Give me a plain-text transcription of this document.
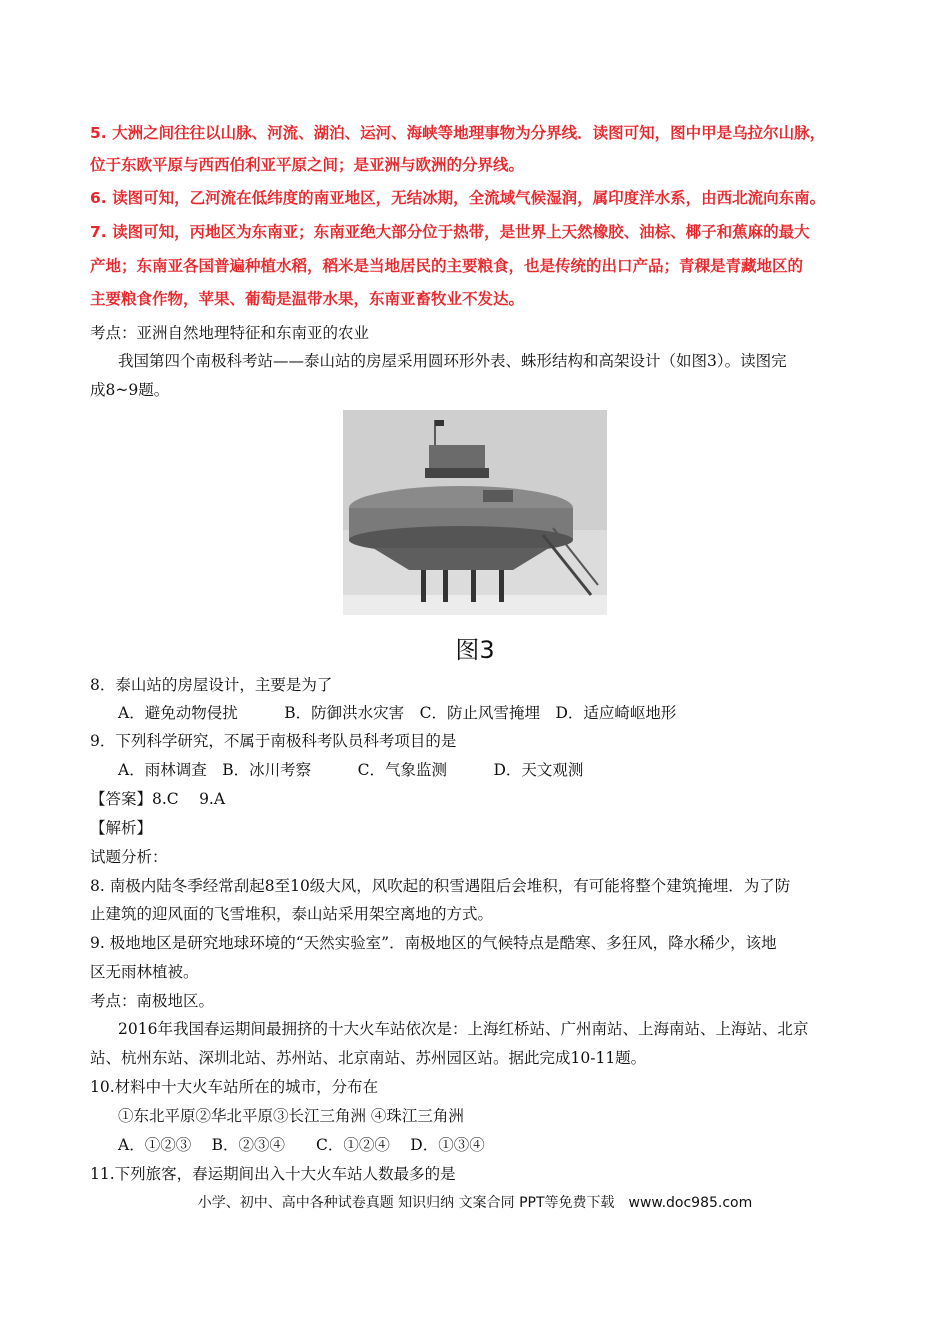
5. 大洲之间往往以山脉、河流、湖泊、运河、海峡等地理事物为分界线．读图可知，图中甲是乌拉尔山脉，
位于东欧平原与西西伯利亚平原之间；是亚洲与欧洲的分界线。
6. 读图可知，乙河流在低纬度的南亚地区，无结冰期，全流域气候湿润，属印度洋水系，由西北流向东南。
7. 读图可知，丙地区为东南亚；东南亚绝大部分位于热带，是世界上天然橡胶、油棕、椰子和蕉麻的最大
产地；东南亚各国普遍种植水稻，稻米是当地居民的主要粮食，也是传统的出口产品；青稞是青藏地区的
主要粮食作物，苹果、葡萄是温带水果，东南亚畜牧业不发达。
考点：亚洲自然地理特征和东南亚的农业
我国第四个南极科考站——泰山站的房屋采用圆环形外表、蛛形结构和高架设计（如图3）。读图完
成8~9题。
图3
8．泰山站的房屋设计，主要是为了
A．避免动物侵扰　　　B．防御洪水灾害　C．防止风雪掩埋　D．适应崎岖地形
9．下列科学研究，不属于南极科考队员科考项目的是
A．雨林调查　B．冰川考察　　　C．气象监测　　　D．天文观测
【答案】8.C　 9.A
【解析】
试题分析：
8. 南极内陆冬季经常刮起8至10级大风，风吹起的积雪遇阻后会堆积，有可能将整个建筑掩埋．为了防
止建筑的迎风面的飞雪堆积，泰山站采用架空离地的方式。
9. 极地地区是研究地球环境的“天然实验室”．南极地区的气候特点是酷寒、多狂风，降水稀少，该地
区无雨林植被。
考点：南极地区。
2016年我国春运期间最拥挤的十大火车站依次是：上海红桥站、广州南站、上海南站、上海站、北京
站、杭州东站、深圳北站、苏州站、北京南站、苏州园区站。据此完成10-11题。
10.材料中十大火车站所在的城市，分布在
①东北平原②华北平原③长江三角洲 ④珠江三角洲
A．①②③　 B．②③④　　C．①②④　 D．①③④
11.下列旅客，春运期间出入十大火车站人数最多的是
小学、初中、高中各种试卷真题 知识归纳 文案合同 PPT等免费下载　www.doc985.com
